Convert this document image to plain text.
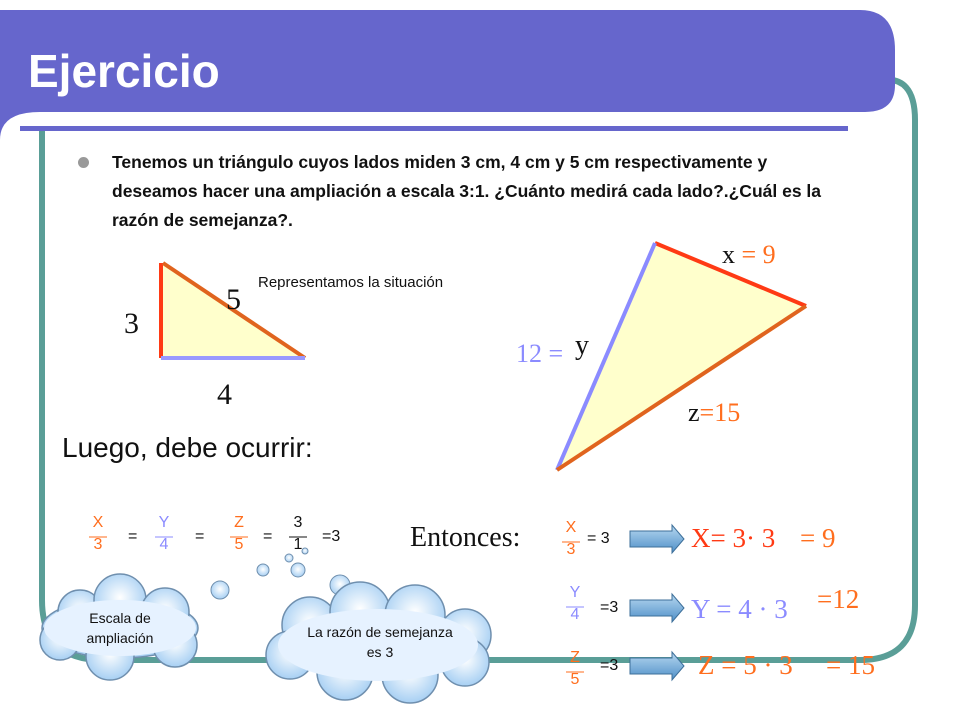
Ejercicio
Tenemos un triángulo cuyos lados miden 3 cm, 4 cm y 5 cm respectivamente y deseamos hacer una ampliación a escala 3:1. ¿Cuánto medirá cada lado?.¿Cuál es la razón de semejanza?.
3
5
4
Representamos la situación
x = 9
12 = y
z=15
Luego, debe ocurrir:
X
3	=
Y
4	=
Z
5	=
3
1	=3 Entonces:	X
3
= 3	X= 3· 3 = 9
Y
4	=3	Y = 4 · 3 =12
Z
5
=3	Z = 5 · 3 = 15
Escala de ampliación	La razón de semejanza es 3
